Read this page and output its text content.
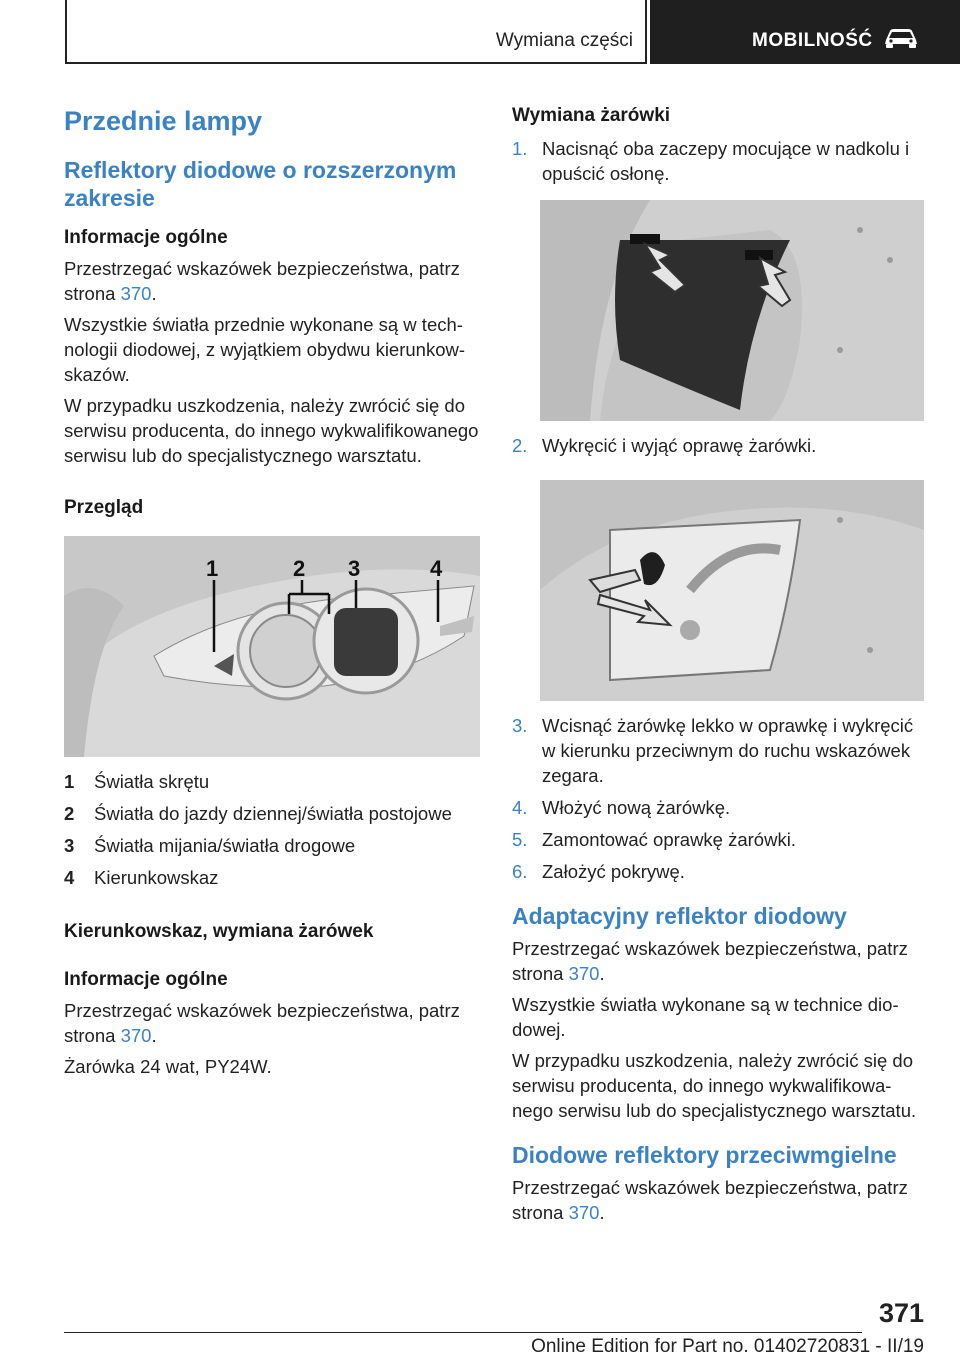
Wymiana części	MOBILNOŚĆ
Przednie lampy
Reflektory diodowe o rozszerzonym zakresie
Informacje ogólne

Przestrzegać wskazówek bezpieczeństwa, patrz strona 370.

Wszystkie światła przednie wykonane są w technologii diodowej, z wyjątkiem obydwu kierunkowskazów.

W przypadku uszkodzenia, należy zwrócić się do serwisu producenta, do innego wykwalifikowanego serwisu lub do specjalistycznego warsztatu.

Przegląd
1	2 3	4
1	Światła skrętu
2	Światła do jazdy dziennej/światła postojowe
3	Światła mijania/światła drogowe
4	Kierunkowskaz
Kierunkowskaz, wymiana żarówek
Informacje ogólne

Przestrzegać wskazówek bezpieczeństwa, patrz strona 370.

Żarówka 24 wat, PY24W.

Wymiana żarówki
1. Nacisnąć oba zaczepy mocujące w nadkolu i opuścić osłonę.
2. Wykręcić i wyjąć oprawę żarówki.
3. Wcisnąć żarówkę lekko w oprawkę i wykręcić w kierunku przeciwnym do ruchu wskazówek zegara.
4. Włożyć nową żarówkę.
5. Zamontować oprawkę żarówki.
6. Założyć pokrywę.
Adaptacyjny reflektor diodowy

Przestrzegać wskazówek bezpieczeństwa, patrz strona 370.

Wszystkie światła wykonane są w technice diodowej.

W przypadku uszkodzenia, należy zwrócić się do serwisu producenta, do innego wykwalifikowanego serwisu lub do specjalistycznego warsztatu.

Diodowe reflektory przeciwmgielne

Przestrzegać wskazówek bezpieczeństwa, patrz strona 370.

371
Online Edition for Part no. 01402720831 - II/19
